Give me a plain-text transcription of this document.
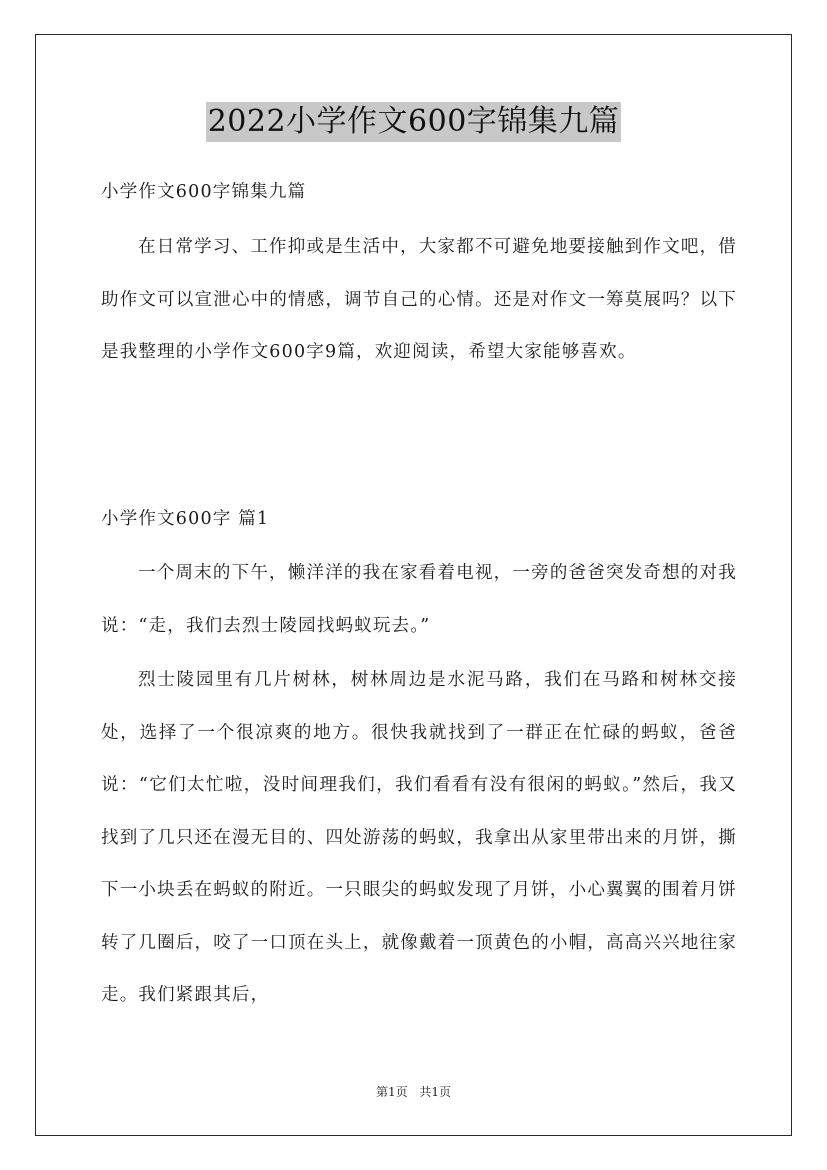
2022小学作文600字锦集九篇

小学作文600字锦集九篇

在日常学习、工作抑或是生活中，大家都不可避免地要接触到作文吧，借助作文可以宣泄心中的情感，调节自己的心情。还是对作文一筹莫展吗？以下是我整理的小学作文600字9篇，欢迎阅读，希望大家能够喜欢。

小学作文600字 篇1

一个周末的下午，懒洋洋的我在家看着电视，一旁的爸爸突发奇想的对我说：“走，我们去烈士陵园找蚂蚁玩去。”

烈士陵园里有几片树林，树林周边是水泥马路，我们在马路和树林交接处，选择了一个很凉爽的地方。很快我就找到了一群正在忙碌的蚂蚁，爸爸说：“它们太忙啦，没时间理我们，我们看看有没有很闲的蚂蚁。”然后，我又找到了几只还在漫无目的、四处游荡的蚂蚁，我拿出从家里带出来的月饼，撕下一小块丢在蚂蚁的附近。一只眼尖的蚂蚁发现了月饼，小心翼翼的围着月饼转了几圈后，咬了一口顶在头上，就像戴着一顶黄色的小帽，高高兴兴地往家走。我们紧跟其后，

第1页 共1页
